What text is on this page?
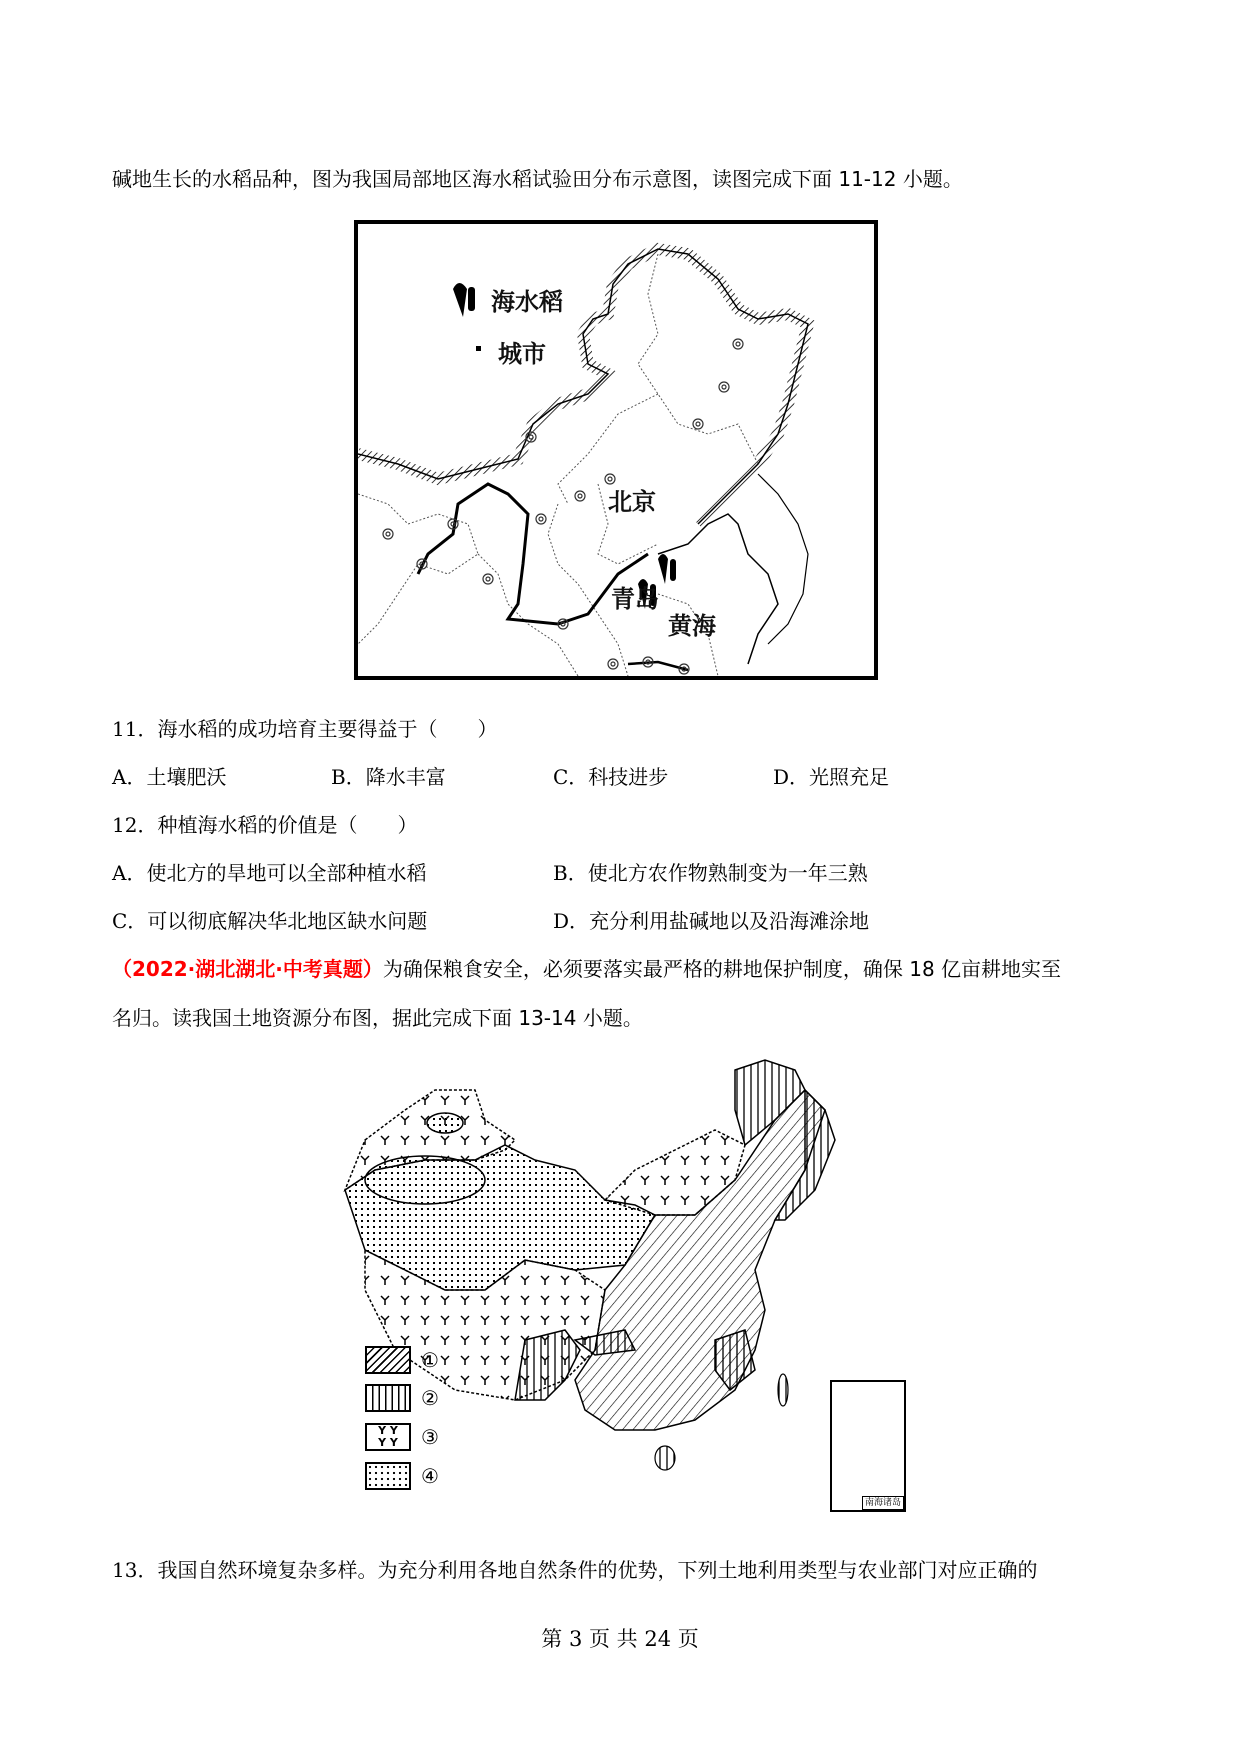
碱地生长的水稻品种，图为我国局部地区海水稻试验田分布示意图，读图完成下面 11-12 小题。
海水稻
城市
北京
青岛
黄海
11．海水稻的成功培育主要得益于（　　）
A．土壤肥沃	B．降水丰富	C．科技进步	D．光照充足
12．种植海水稻的价值是（　　）
A．使北方的旱地可以全部种植水稻	B．使北方农作物熟制变为一年三熟
C．可以彻底解决华北地区缺水问题	D．充分利用盐碱地以及沿海滩涂地
（2022·湖北湖北·中考真题）为确保粮食安全，必须要落实最严格的耕地保护制度，确保 18 亿亩耕地实至
名归。读我国土地资源分布图，据此完成下面 13-14 小题。
①
②
Y Y
Y Y	③
④
南海诸岛
13．我国自然环境复杂多样。为充分利用各地自然条件的优势，下列土地利用类型与农业部门对应正确的
第 3 页 共 24 页
